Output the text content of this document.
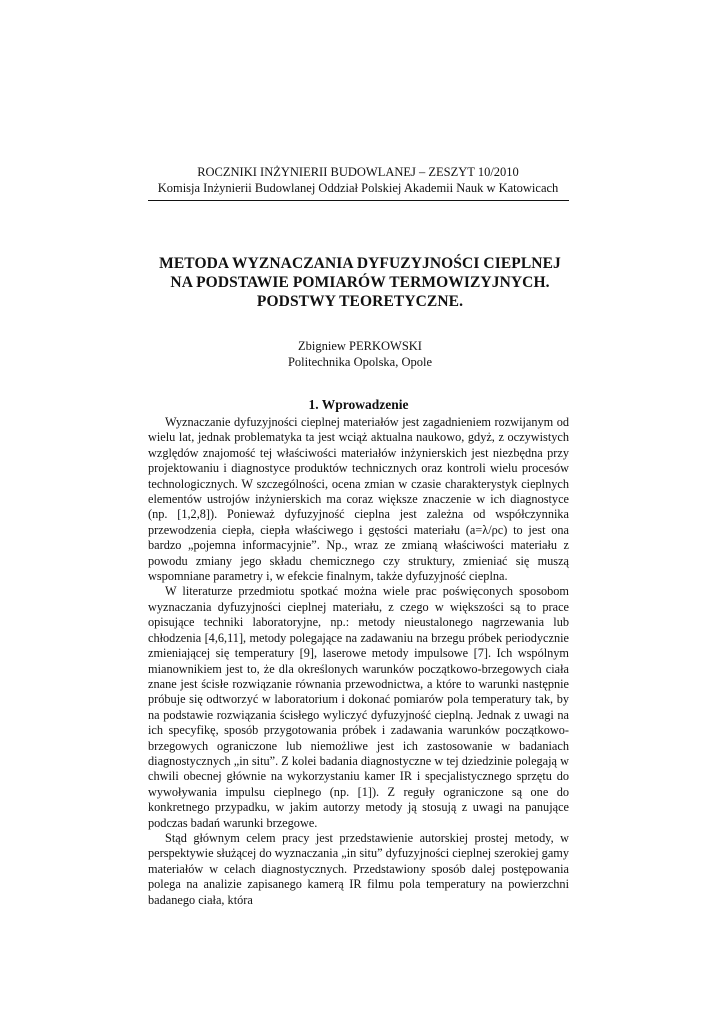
ROCZNIKI INŻYNIERII BUDOWLANEJ – ZESZYT 10/2010
Komisja Inżynierii Budowlanej Oddział Polskiej Akademii Nauk w Katowicach
METODA WYZNACZANIA DYFUZYJNOŚCI CIEPLNEJ
NA PODSTAWIE POMIARÓW TERMOWIZYJNYCH.
PODSTWY TEORETYCZNE.
Zbigniew PERKOWSKI
Politechnika Opolska, Opole
1. Wprowadzenie

Wyznaczanie dyfuzyjności cieplnej materiałów jest zagadnieniem rozwijanym od wielu lat, jednak problematyka ta jest wciąż aktualna naukowo, gdyż, z oczywistych względów znajomość tej właściwości materiałów inżynierskich jest niezbędna przy projektowaniu i diagnostyce produktów technicznych oraz kontroli wielu procesów technologicznych. W szczególności, ocena zmian w czasie charakterystyk cieplnych elementów ustrojów inżynierskich ma coraz większe znaczenie w ich diagnostyce (np. [1,2,8]). Ponieważ dyfuzyjność cieplna jest zależna od współczynnika przewodzenia ciepła, ciepła właściwego i gęstości materiału (a=λ/ρc) to jest ona bardzo „pojemna informacyjnie”. Np., wraz ze zmianą właściwości materiału z powodu zmiany jego składu chemicznego czy struktury, zmieniać się muszą wspomniane parametry i, w efekcie finalnym, także dyfuzyjność cieplna.

W literaturze przedmiotu spotkać można wiele prac poświęconych sposobom wyznaczania dyfuzyjności cieplnej materiału, z czego w większości są to prace opisujące techniki laboratoryjne, np.: metody nieustalonego nagrzewania lub chłodzenia [4,6,11], metody polegające na zadawaniu na brzegu próbek periodycznie zmieniającej się temperatury [9], laserowe metody impulsowe [7]. Ich wspólnym mianownikiem jest to, że dla określonych warunków początkowo-brzegowych ciała znane jest ścisłe rozwiązanie równania przewodnictwa, a które to warunki następnie próbuje się odtworzyć w laboratorium i dokonać pomiarów pola temperatury tak, by na podstawie rozwiązania ścisłego wyliczyć dyfuzyjność cieplną. Jednak z uwagi na ich specyfikę, sposób przygotowania próbek i zadawania warunków początkowo-brzegowych ograniczone lub niemożliwe jest ich zastosowanie w badaniach diagnostycznych „in situ”. Z kolei badania diagnostyczne w tej dziedzinie polegają w chwili obecnej głównie na wykorzystaniu kamer IR i specjalistycznego sprzętu do wywoływania impulsu cieplnego (np. [1]). Z reguły ograniczone są one do konkretnego przypadku, w jakim autorzy metody ją stosują z uwagi na panujące podczas badań warunki brzegowe.

Stąd głównym celem pracy jest przedstawienie autorskiej prostej metody, w perspektywie służącej do wyznaczania „in situ” dyfuzyjności cieplnej szerokiej gamy materiałów w celach diagnostycznych. Przedstawiony sposób dalej postępowania polega na analizie zapisanego kamerą IR filmu pola temperatury na powierzchni badanego ciała, która
